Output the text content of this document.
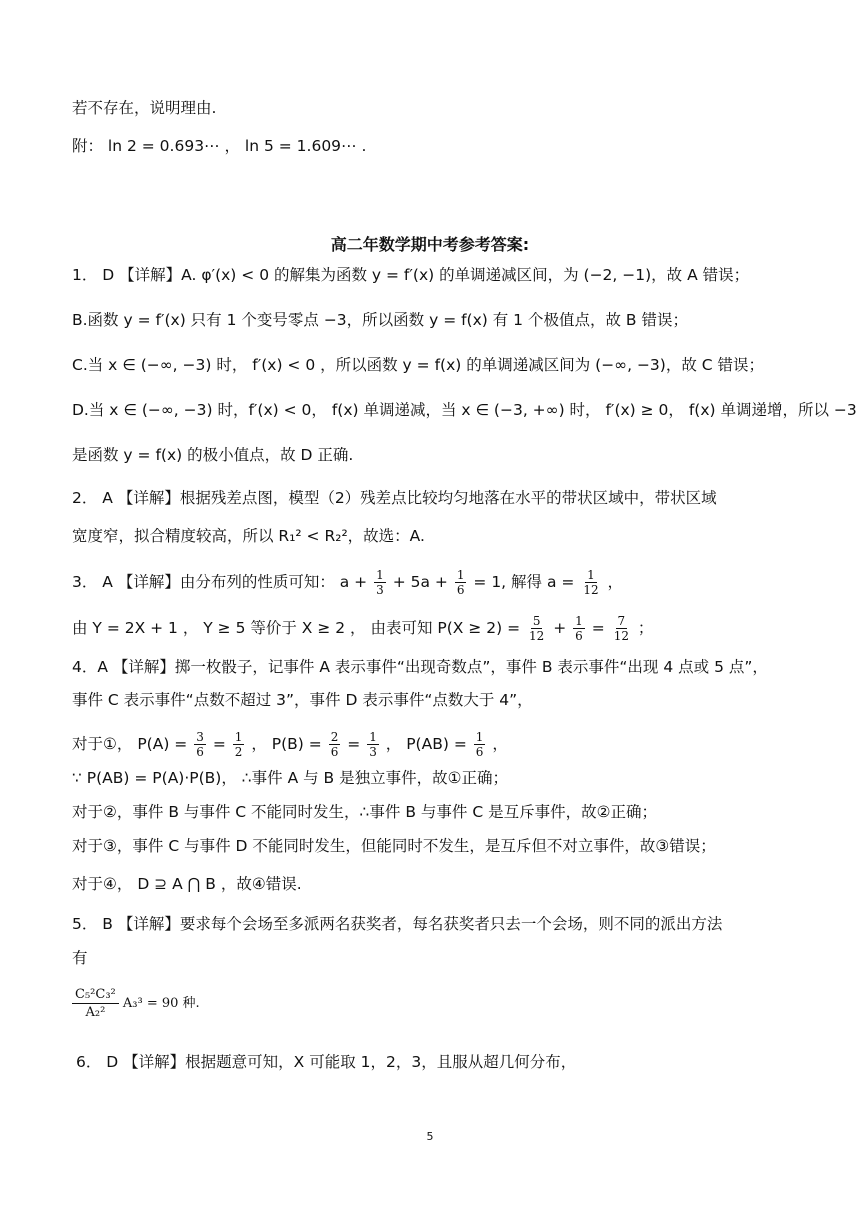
若不存在，说明理由.
附： ln 2 = 0.693⋯ ， ln 5 = 1.609⋯ .
高二年数学期中考参考答案:
1． D 【详解】A. φ′(x) < 0 的解集为函数 y = f′(x) 的单调递减区间，为 (−2, −1)，故 A 错误；
B.函数 y = f′(x) 只有 1 个变号零点 −3，所以函数 y = f(x) 有 1 个极值点，故 B 错误；
C.当 x ∈ (−∞, −3) 时， f′(x) < 0 ，所以函数 y = f(x) 的单调递减区间为 (−∞, −3)，故 C 错误；
D.当 x ∈ (−∞, −3) 时，f′(x) < 0， f(x) 单调递减，当 x ∈ (−3, +∞) 时， f′(x) ≥ 0， f(x) 单调递增，所以 −3
是函数 y = f(x) 的极小值点，故 D 正确.
2． A 【详解】根据残差点图，模型（2）残差点比较均匀地落在水平的带状区域中，带状区域
宽度窄，拟合精度较高，所以 R₁² < R₂²，故选：A.
3． A 【详解】由分布列的性质可知： $a + \frac{1}{3} + 5a + \frac{1}{6} = 1$, 解得 $a = \frac{1}{12}$ ，
由 Y = 2X + 1 ， Y ≥ 5 等价于 X ≥ 2 ， 由表可知 $P(X \ge 2) = \frac{5}{12} + \frac{1}{6} = \frac{7}{12}$ ；
4．A 【详解】掷一枚骰子，记事件 A 表示事件“出现奇数点”，事件 B 表示事件“出现 4 点或 5 点”，
事件 C 表示事件“点数不超过 3”，事件 D 表示事件“点数大于 4”，
对于①， $P(A) = \frac{3}{6} = \frac{1}{2}$ ， $P(B) = \frac{2}{6} = \frac{1}{3}$ ， $P(AB) = \frac{1}{6}$ ，
∵ P(AB) = P(A)·P(B)， ∴事件 A 与 B 是独立事件，故①正确；
对于②，事件 B 与事件 C 不能同时发生，∴事件 B 与事件 C 是互斥事件，故②正确；
对于③，事件 C 与事件 D 不能同时发生，但能同时不发生，是互斥但不对立事件，故③错误；
对于④， D ⊇ A ⋂ B ，故④错误.
5． B 【详解】要求每个会场至多派两名获奖者，每名获奖者只去一个会场，则不同的派出方法
有
$\frac{\text{C₅²C₃²}}{\text{A₂²}} A_3^3 = 90$ 种.
6． D 【详解】根据题意可知，X 可能取 1，2，3，且服从超几何分布，
5
